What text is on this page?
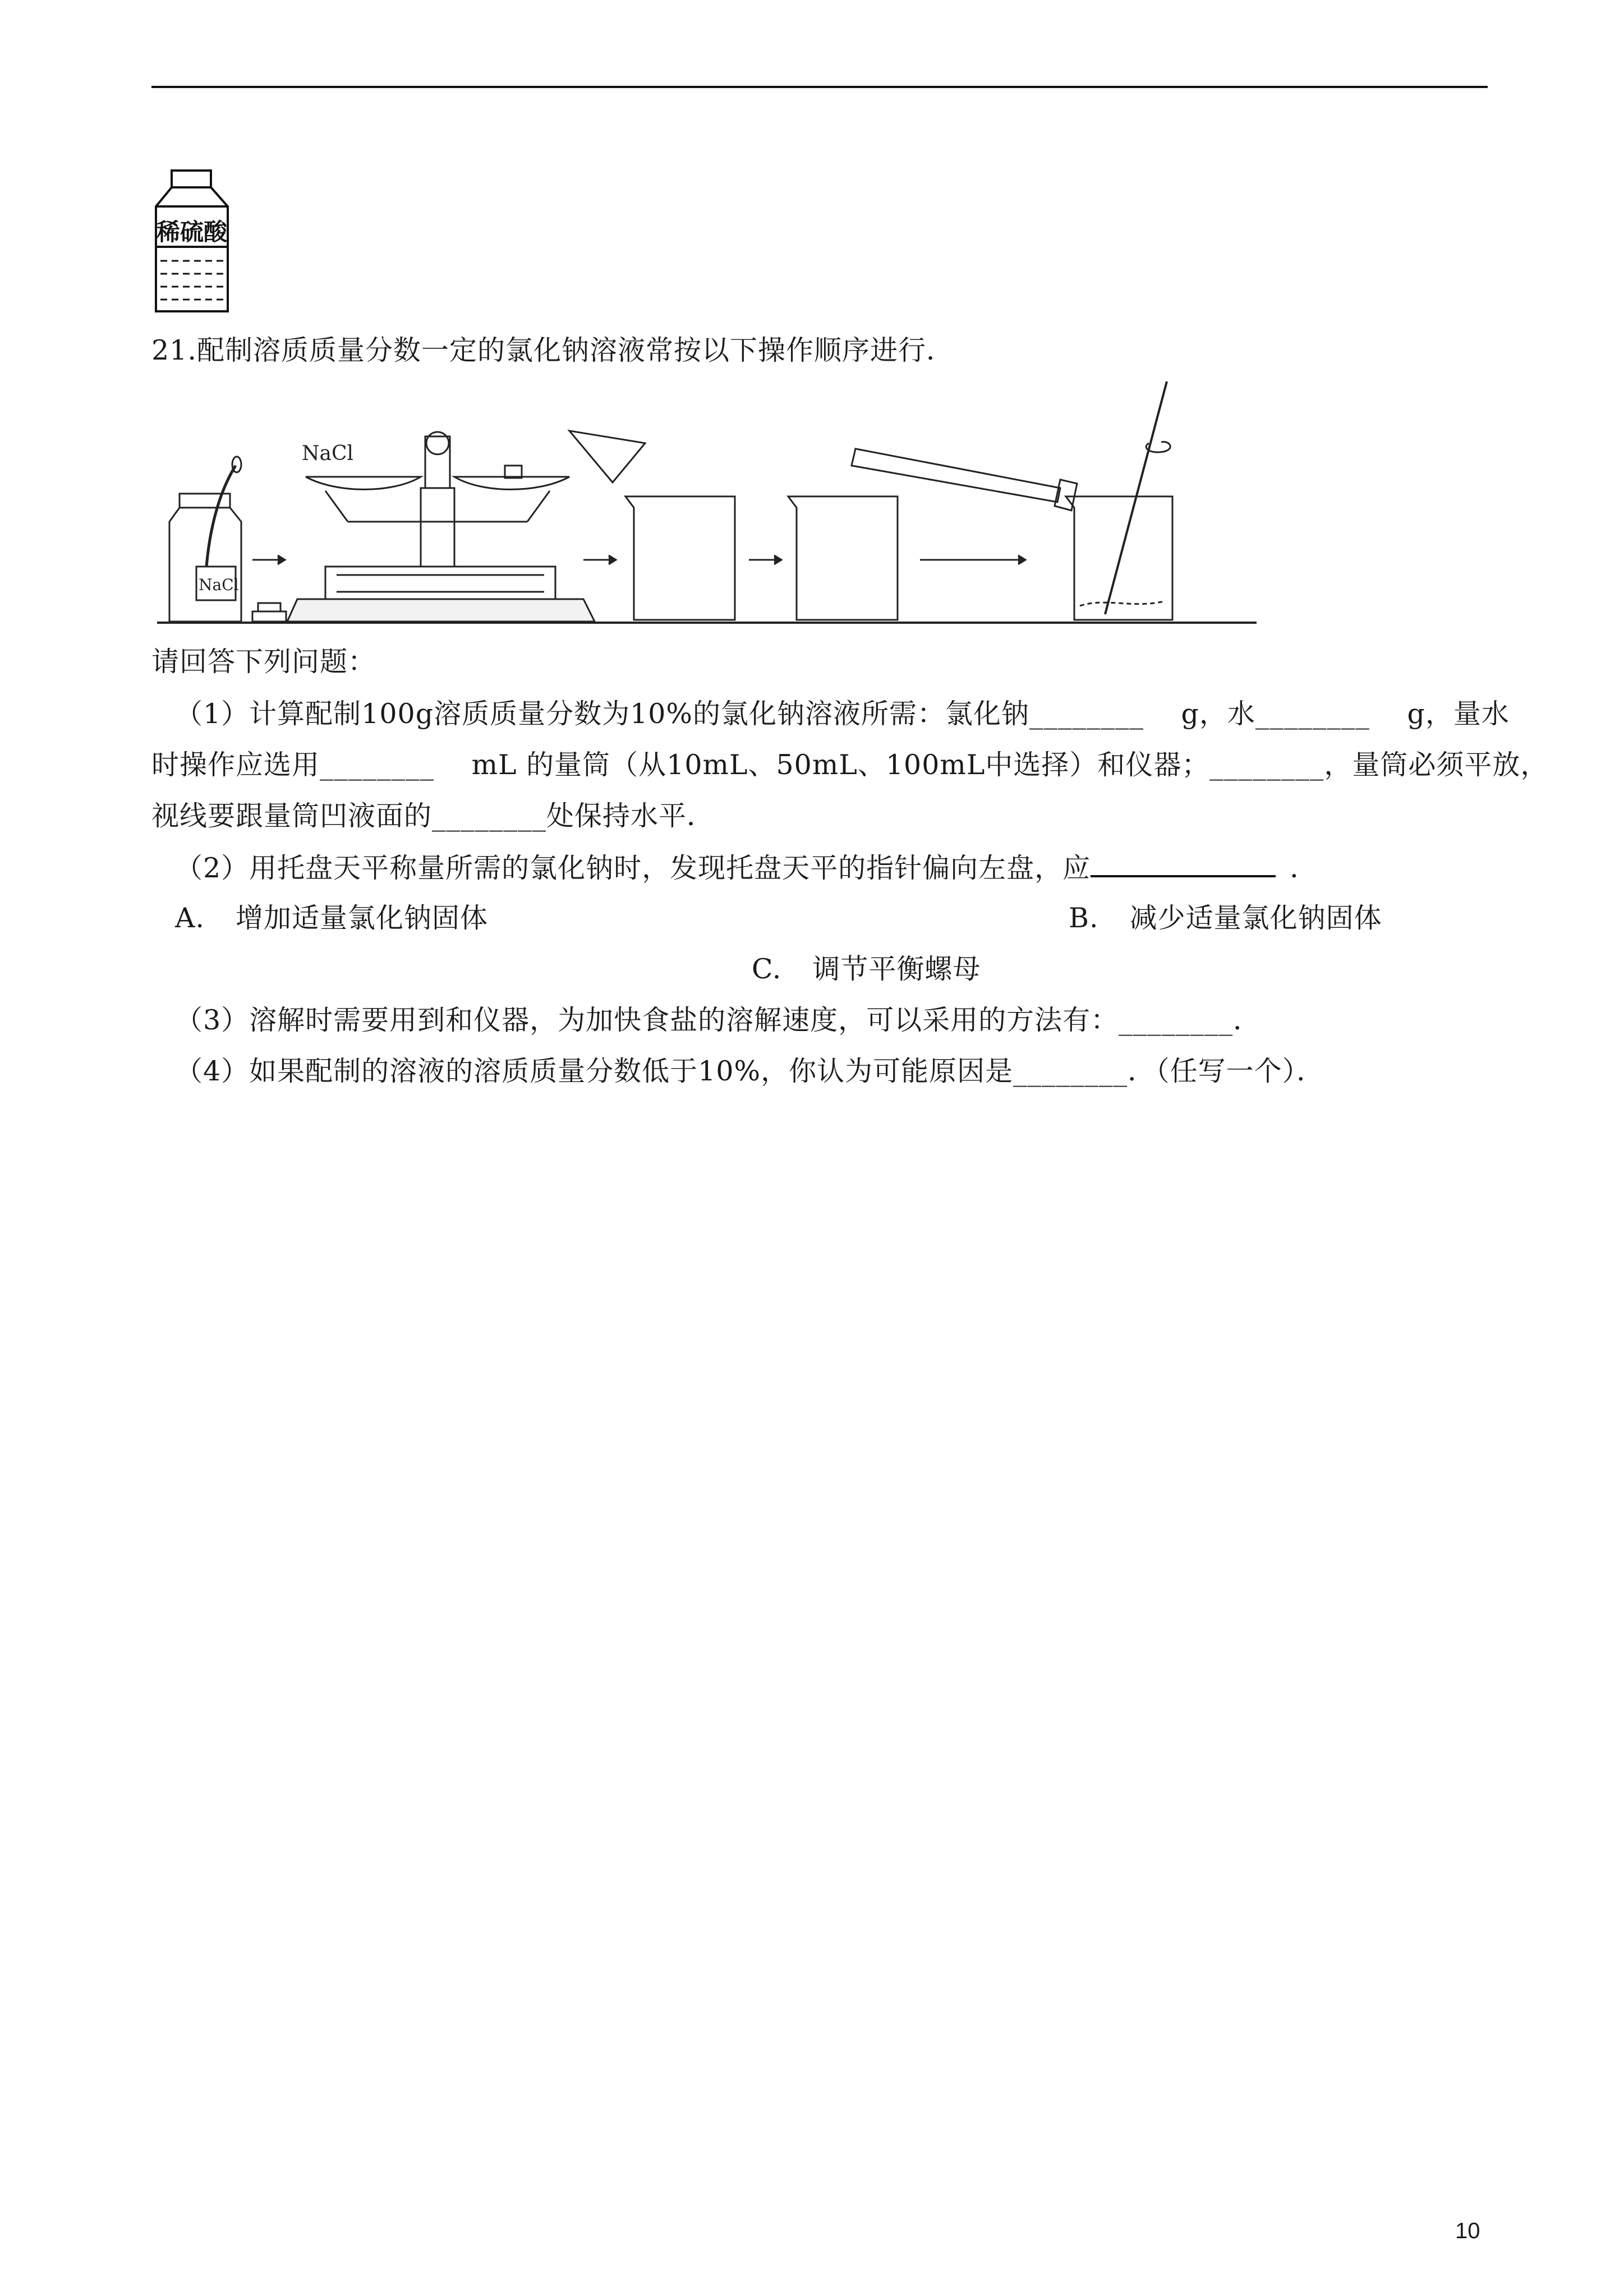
稀硫酸
21.配制溶质质量分数一定的氯化钠溶液常按以下操作顺序进行．
NaCl
NaCl
请回答下列问题：
（1）计算配制100g溶质质量分数为10%的氯化钠溶液所需：氯化钠________　 g，水________　 g，量水
时操作应选用________　 mL 的量筒（从10mL、50mL、100mL中选择）和仪器；________，量筒必须平放，
视线要跟量筒凹液面的________处保持水平．
（2）用托盘天平称量所需的氯化钠时，发现托盘天平的指针偏向左盘，应	．
A. 增加适量氯化钠固体	B. 减少适量氯化钠固体
C. 调节平衡螺母
（3）溶解时需要用到和仪器，为加快食盐的溶解速度，可以采用的方法有：________．
（4）如果配制的溶液的溶质质量分数低于10%，你认为可能原因是________．（任写一个）．
10
